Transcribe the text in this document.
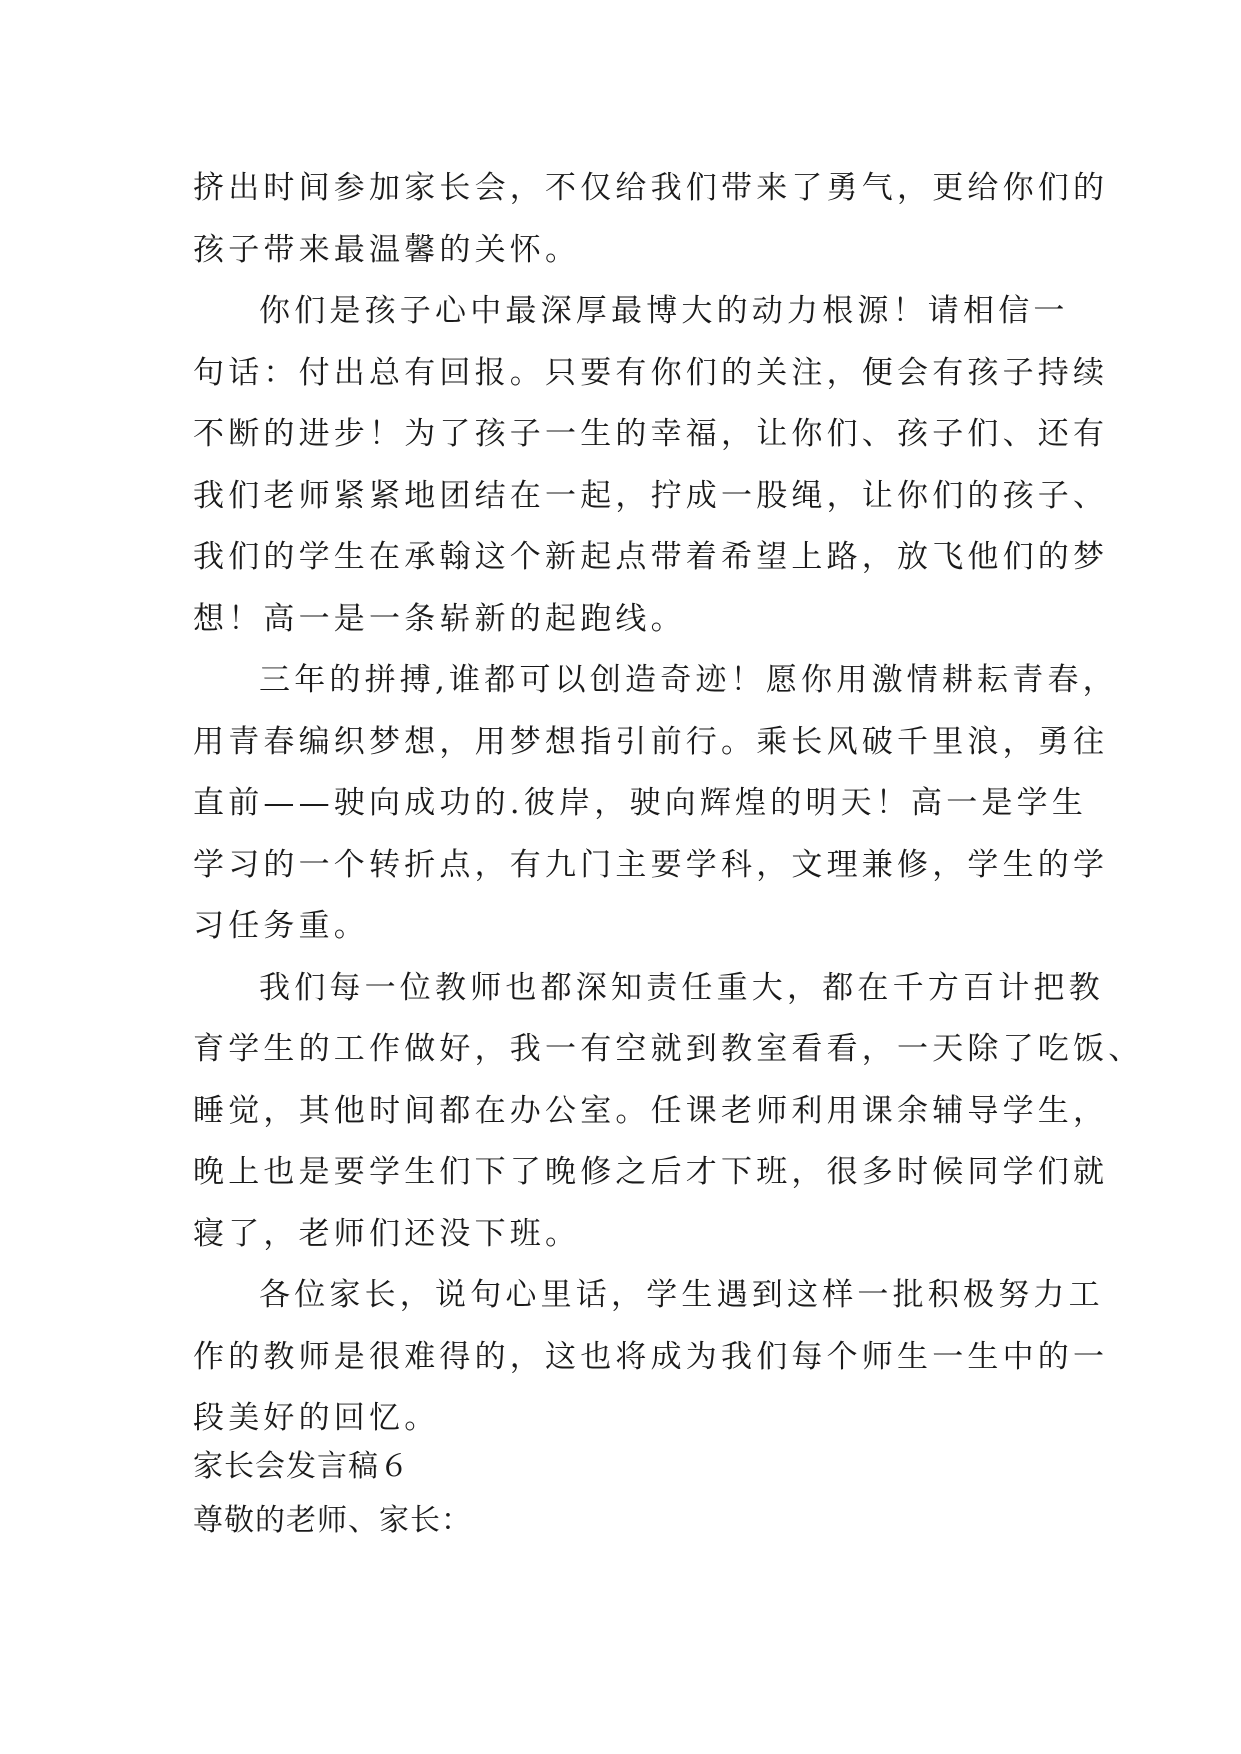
挤出时间参加家长会，不仅给我们带来了勇气，更给你们的
孩子带来最温馨的关怀。
你们是孩子心中最深厚最博大的动力根源！请相信一
句话：付出总有回报。只要有你们的关注，便会有孩子持续
不断的进步！为了孩子一生的幸福，让你们、孩子们、还有
我们老师紧紧地团结在一起，拧成一股绳，让你们的孩子、
我们的学生在承翰这个新起点带着希望上路，放飞他们的梦
想！高一是一条崭新的起跑线。
三年的拼搏,谁都可以创造奇迹！愿你用激情耕耘青春，
用青春编织梦想，用梦想指引前行。乘长风破千里浪，勇往
直前——驶向成功的.彼岸，驶向辉煌的明天！高一是学生
学习的一个转折点，有九门主要学科，文理兼修，学生的学
习任务重。
我们每一位教师也都深知责任重大，都在千方百计把教
育学生的工作做好，我一有空就到教室看看，一天除了吃饭、
睡觉，其他时间都在办公室。任课老师利用课余辅导学生，
晚上也是要学生们下了晚修之后才下班，很多时候同学们就
寝了，老师们还没下班。
各位家长，说句心里话，学生遇到这样一批积极努力工
作的教师是很难得的，这也将成为我们每个师生一生中的一
段美好的回忆。
家长会发言稿６
尊敬的老师、家长：
